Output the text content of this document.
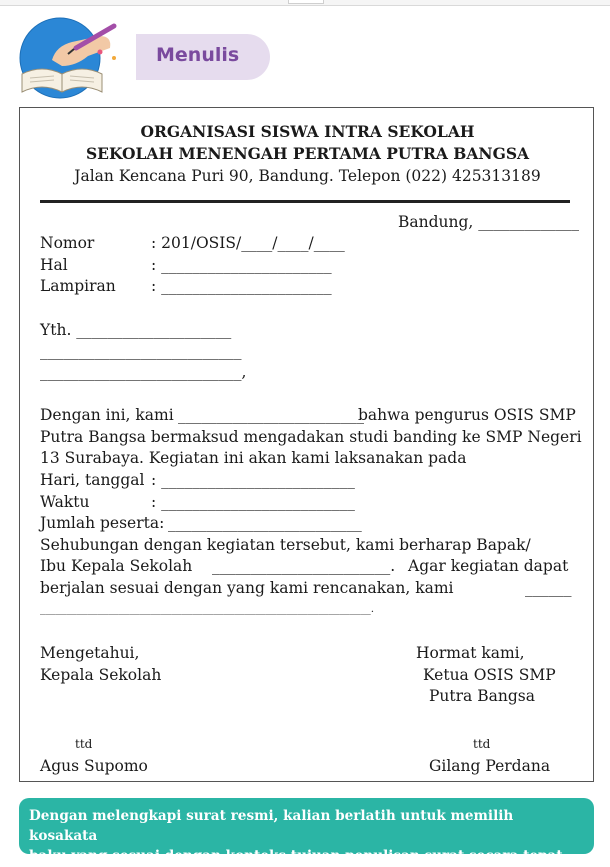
Menulis
ORGANISASI SISWA INTRA SEKOLAH
SEKOLAH MENENGAH PERTAMA PUTRA BANGSA
Jalan Kencana Puri 90, Bandung. Telepon (022) 425313189
Bandung, _____________
Nomor	: 201/OSIS/____/____/____
Hal	: ______________________
Lampiran : ______________________
Yth. ____________________
__________________________
__________________________,
Dengan ini, kami ________________________
bahwa pengurus OSIS SMP
Putra Bangsa bermaksud mengadakan studi banding ke SMP Negeri
13 Surabaya. Kegiatan ini akan kami laksanakan pada
Hari, tanggal : _________________________
Waktu	: _________________________
Jumlah peserta: _________________________
Sehubungan dengan kegiatan tersebut, kami berharap Bapak/
Ibu Kepala Sekolah _______________________. Agar kegiatan dapat
berjalan sesuai dengan yang kami rencanakan, kami	______
_______________________________________________________________.
Mengetahui,
Kepala Sekolah
Hormat kami,
Ketua OSIS SMP
Putra Bangsa
ttd	ttd
Agus Supomo	Gilang Perdana

Dengan melengkapi surat resmi, kalian berlatih untuk memilih kosakata

baku yang sesuai dengan konteks tujuan penulisan surat secara tepat.
